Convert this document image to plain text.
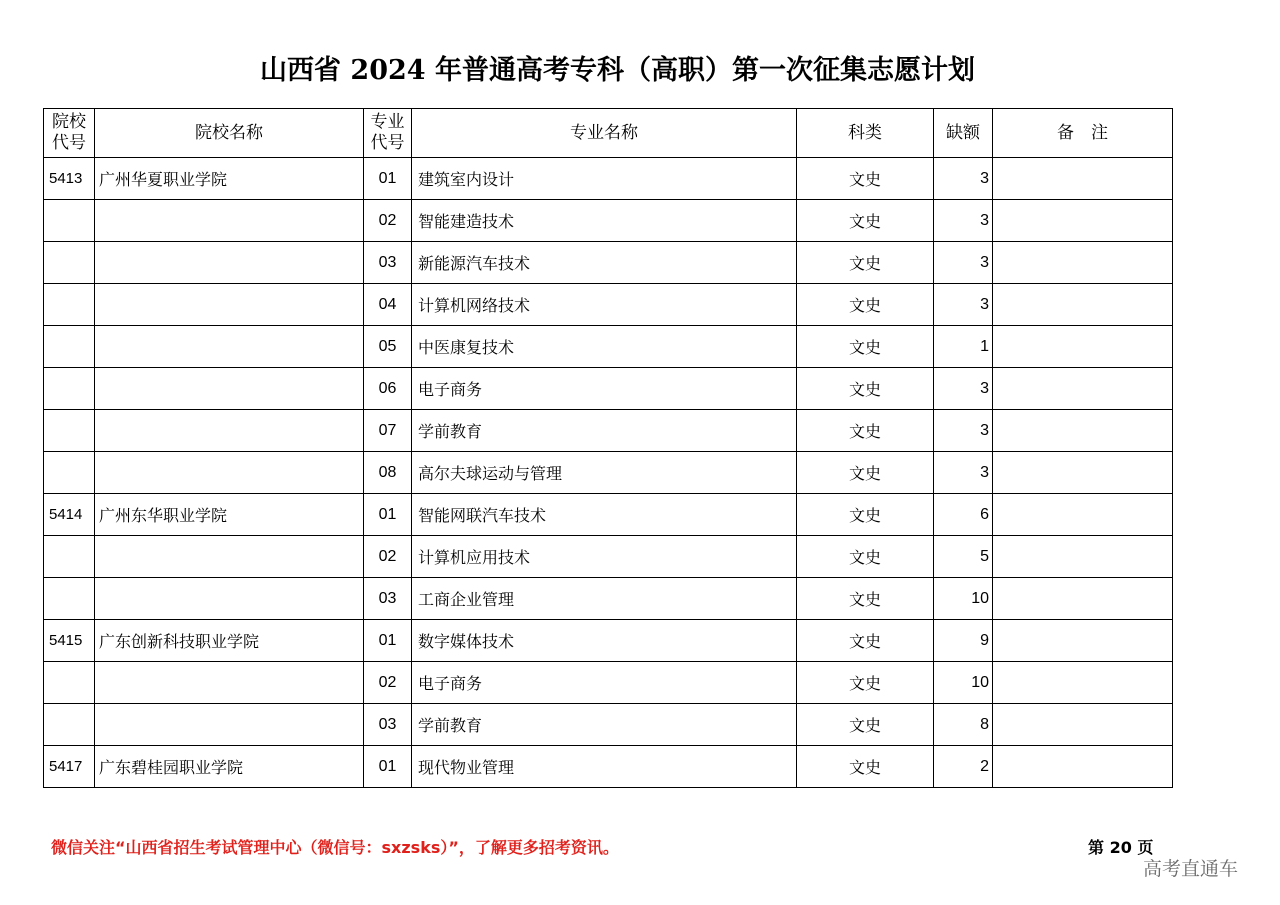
山西省 2024 年普通高考专科（高职）第一次征集志愿计划
院校代号	院校名称	专业代号	专业名称	科类	缺额	备　注
5413	广州华夏职业学院	01	建筑室内设计	文史	3	
		02	智能建造技术	文史	3	
		03	新能源汽车技术	文史	3	
		04	计算机网络技术	文史	3	
		05	中医康复技术	文史	1	
		06	电子商务	文史	3	
		07	学前教育	文史	3	
		08	高尔夫球运动与管理	文史	3	
5414	广州东华职业学院	01	智能网联汽车技术	文史	6	
		02	计算机应用技术	文史	5	
		03	工商企业管理	文史	10	
5415	广东创新科技职业学院	01	数字媒体技术	文史	9	
		02	电子商务	文史	10	
		03	学前教育	文史	8	
5417	广东碧桂园职业学院	01	现代物业管理	文史	2	
微信关注“山西省招生考试管理中心（微信号：sxzsks）”，了解更多招考资讯。	第 20 页
高考直通车
